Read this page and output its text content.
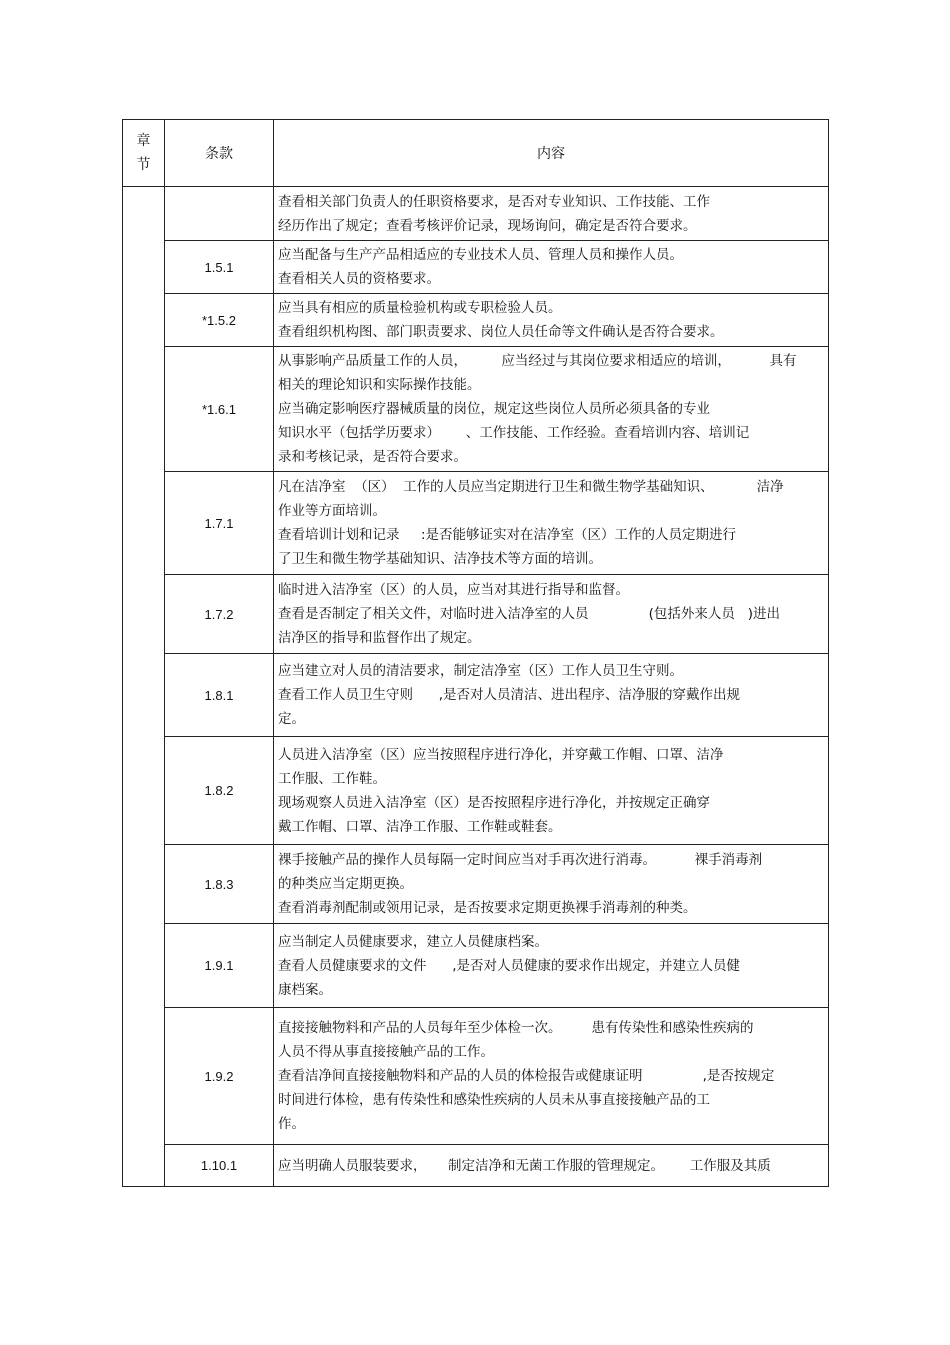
章
节	条款	内容

		查看相关部门负责人的任职资格要求，是否对专业知识、工作技能、工作
经历作出了规定；查看考核评价记录，现场询问，确定是否符合要求。

	1.5.1	应当配备与生产产品相适应的专业技术人员、管理人员和操作人员。
查看相关人员的资格要求。

	*1.5.2	应当具有相应的质量检验机构或专职检验人员。
查看组织机构图、部门职责要求、岗位人员任命等文件确认是否符合要求。

	*1.6.1	从事影响产品质量工作的人员，        应当经过与其岗位要求相适应的培训，         具有
相关的理论知识和实际操作技能。
应当确定影响医疗器械质量的岗位，规定这些岗位人员所必须具备的专业
知识水平（包括学历要求）      、工作技能、工作经验。查看培训内容、培训记
录和考核记录，是否符合要求。

	1.7.1	凡在洁净室  （区）  工作的人员应当定期进行卫生和微生物学基础知识、          洁净
作业等方面培训。
查看培训计划和记录     :是否能够证实对在洁净室（区）工作的人员定期进行
了卫生和微生物学基础知识、洁净技术等方面的培训。

	1.7.2	临时进入洁净室（区）的人员，应当对其进行指导和监督。
查看是否制定了相关文件，对临时进入洁净室的人员              (包括外来人员   )进出
洁净区的指导和监督作出了规定。

	1.8.1	应当建立对人员的清洁要求，制定洁净室（区）工作人员卫生守则。
查看工作人员卫生守则      ,是否对人员清洁、进出程序、洁净服的穿戴作出规
定。

	1.8.2	人员进入洁净室（区）应当按照程序进行净化，并穿戴工作帽、口罩、洁净
工作服、工作鞋。
现场观察人员进入洁净室（区）是否按照程序进行净化，并按规定正确穿
戴工作帽、口罩、洁净工作服、工作鞋或鞋套。

	1.8.3	裸手接触产品的操作人员每隔一定时间应当对手再次进行消毒。         裸手消毒剂
的种类应当定期更换。
查看消毒剂配制或领用记录，是否按要求定期更换裸手消毒剂的种类。

	1.9.1	应当制定人员健康要求，建立人员健康档案。
查看人员健康要求的文件      ,是否对人员健康的要求作出规定，并建立人员健
康档案。

	1.9.2	直接接触物料和产品的人员每年至少体检一次。       患有传染性和感染性疾病的
人员不得从事直接接触产品的工作。
查看洁净间直接接触物料和产品的人员的体检报告或健康证明              ,是否按规定
时间进行体检，患有传染性和感染性疾病的人员未从事直接接触产品的工
作。

	1.10.1	应当明确人员服装要求，     制定洁净和无菌工作服的管理规定。      工作服及其质
